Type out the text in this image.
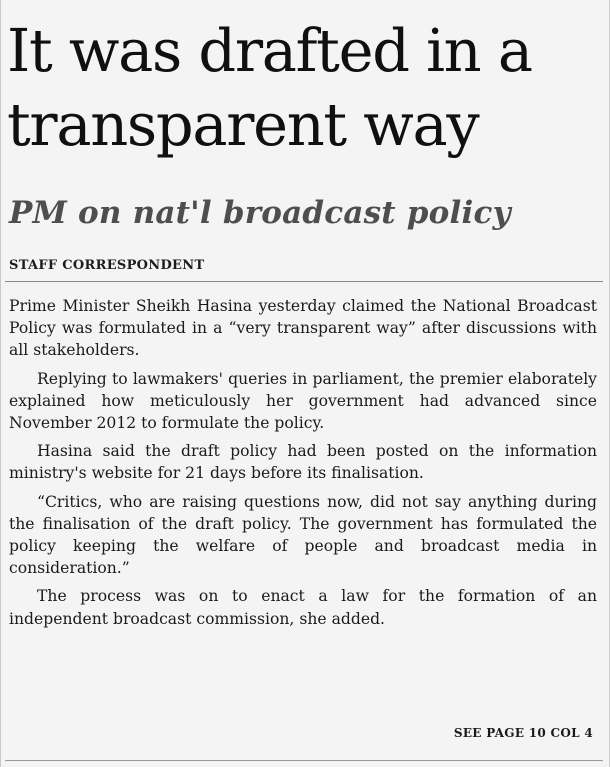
It was drafted in a
transparent way
PM on nat'l broadcast policy
STAFF CORRESPONDENT

Prime Minister Sheikh Hasina yesterday claimed the National Broadcast Policy was formulated in a “very transparent way” after discussions with all stakeholders.

Replying to lawmakers' queries in parliament, the premier elaborately explained how meticulously her government had advanced since November 2012 to formulate the policy.

Hasina said the draft policy had been posted on the information ministry's website for 21 days before its finalisation.

“Critics, who are raising questions now, did not say anything during the finalisation of the draft policy. The government has formulated the policy keeping the welfare of people and broadcast media in consideration.”

The process was on to enact a law for the formation of an independent broadcast commission, she added.

SEE PAGE 10 COL 4
